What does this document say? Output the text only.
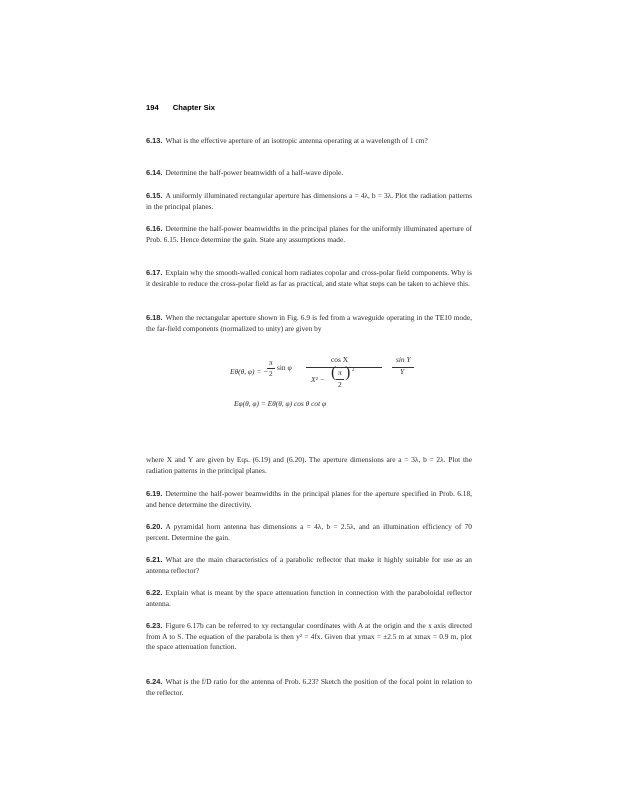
194 Chapter Six
6.13. What is the effective aperture of an isotropic antenna operating at a wavelength of 1 cm?
6.14. Determine the half-power beamwidth of a half-wave dipole.
6.15. A uniformly illuminated rectangular aperture has dimensions a = 4λ, b = 3λ. Plot the radiation patterns in the principal planes.
6.16. Determine the half-power beamwidths in the principal planes for the uniformly illuminated aperture of Prob. 6.15. Hence determine the gain. State any assumptions made.
6.17. Explain why the smooth-walled conical horn radiates copolar and cross-polar field components. Why is it desirable to reduce the cross-polar field as far as practical, and state what steps can be taken to achieve this.
6.18. When the rectangular aperture shown in Fig. 6.9 is fed from a waveguide operating in the TE10 mode, the far-field components (normalized to unity) are given by
Eθ(θ, φ) = −
π
2
sin φ
cos X
X² − ( π
2
) 2
sin Y
Y
Eφ(θ, φ) = Eθ(θ, φ) cos θ cot φ
where X and Y are given by Eqs. (6.19) and (6.20). The aperture dimensions are a = 3λ, b = 2λ. Plot the radiation patterns in the principal planes.
6.19. Determine the half-power beamwidths in the principal planes for the aperture specified in Prob. 6.18, and hence determine the directivity.
6.20. A pyramidal horn antenna has dimensions a = 4λ, b = 2.5λ, and an illumination efficiency of 70 percent. Determine the gain.
6.21. What are the main characteristics of a parabolic reflector that make it highly suitable for use as an antenna reflector?
6.22. Explain what is meant by the space attenuation function in connection with the paraboloidal reflector antenna.
6.23. Figure 6.17b can be referred to xy rectangular coordinates with A at the origin and the x axis directed from A to S. The equation of the parabola is then y² = 4fx. Given that ymax = ±2.5 m at xmax = 0.9 m, plot the space attenuation function.
6.24. What is the f/D ratio for the antenna of Prob. 6.23? Sketch the position of the focal point in relation to the reflector.
